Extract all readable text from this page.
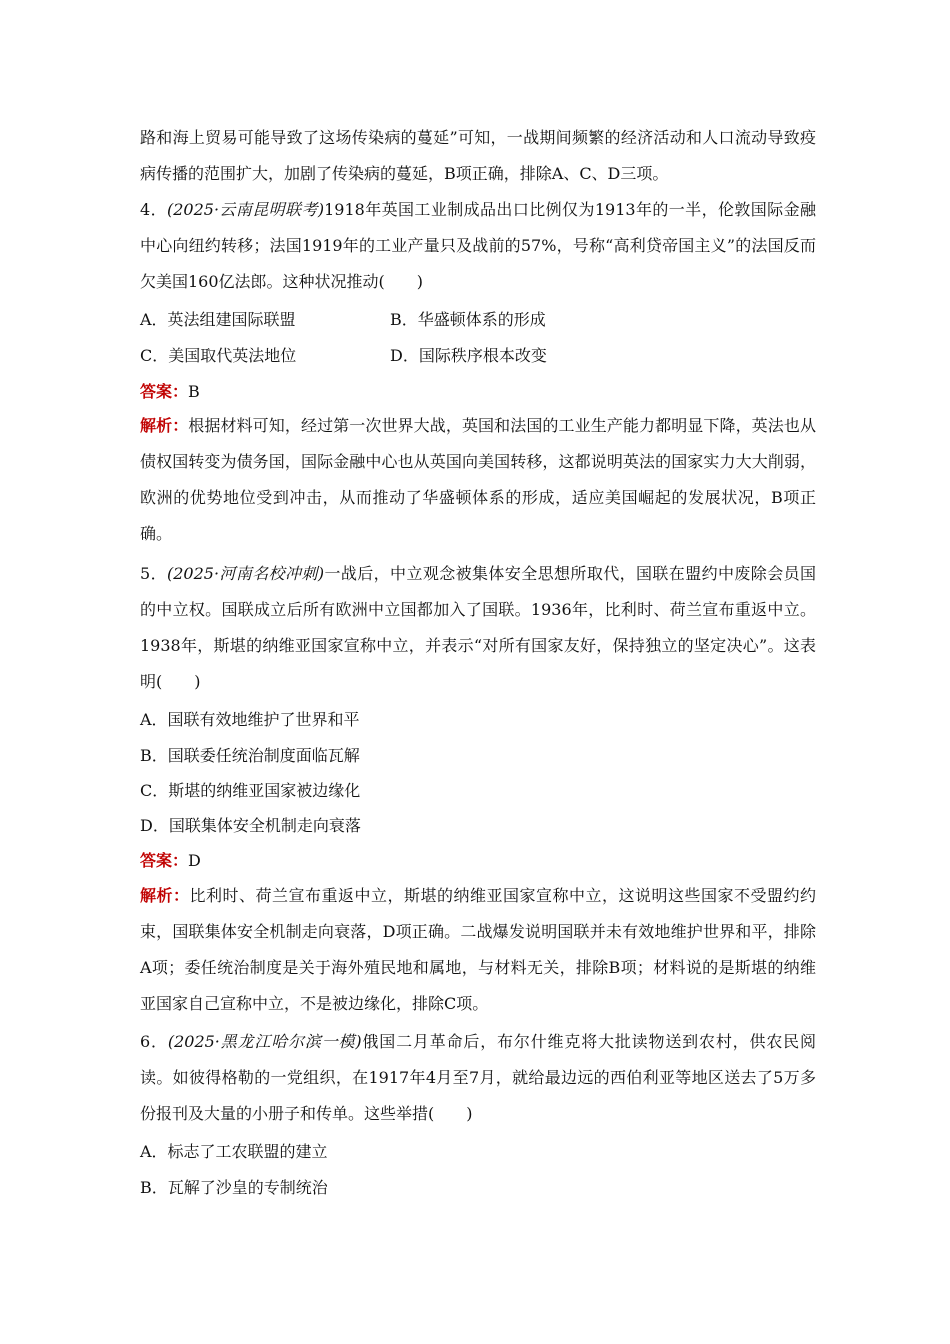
路和海上贸易可能导致了这场传染病的蔓延”可知，一战期间频繁的经济活动和人口流动导致疫病传播的范围扩大，加剧了传染病的蔓延，B项正确，排除A、C、D三项。

4．(2025·云南昆明联考)1918年英国工业制成品出口比例仅为1913年的一半，伦敦国际金融中心向纽约转移；法国1919年的工业产量只及战前的57%，号称“高利贷帝国主义”的法国反而欠美国160亿法郎。这种状况推动(　　)

A．英法组建国际联盟	B．华盛顿体系的形成

C．美国取代英法地位	D．国际秩序根本改变

答案：B

解析：根据材料可知，经过第一次世界大战，英国和法国的工业生产能力都明显下降，英法也从债权国转变为债务国，国际金融中心也从英国向美国转移，这都说明英法的国家实力大大削弱，欧洲的优势地位受到冲击，从而推动了华盛顿体系的形成，适应美国崛起的发展状况，B项正确。

5．(2025·河南名校冲刺)一战后，中立观念被集体安全思想所取代，国联在盟约中废除会员国的中立权。国联成立后所有欧洲中立国都加入了国联。1936年，比利时、荷兰宣布重返中立。1938年，斯堪的纳维亚国家宣称中立，并表示“对所有国家友好，保持独立的坚定决心”。这表明(　　)

A．国联有效地维护了世界和平

B．国联委任统治制度面临瓦解

C．斯堪的纳维亚国家被边缘化

D．国联集体安全机制走向衰落

答案：D

解析：比利时、荷兰宣布重返中立，斯堪的纳维亚国家宣称中立，这说明这些国家不受盟约约束，国联集体安全机制走向衰落，D项正确。二战爆发说明国联并未有效地维护世界和平，排除A项；委任统治制度是关于海外殖民地和属地，与材料无关，排除B项；材料说的是斯堪的纳维亚国家自己宣称中立，不是被边缘化，排除C项。

6．(2025·黑龙江哈尔滨一模)俄国二月革命后，布尔什维克将大批读物送到农村，供农民阅读。如彼得格勒的一党组织，在1917年4月至7月，就给最边远的西伯利亚等地区送去了5万多份报刊及大量的小册子和传单。这些举措(　　)

A．标志了工农联盟的建立

B．瓦解了沙皇的专制统治
